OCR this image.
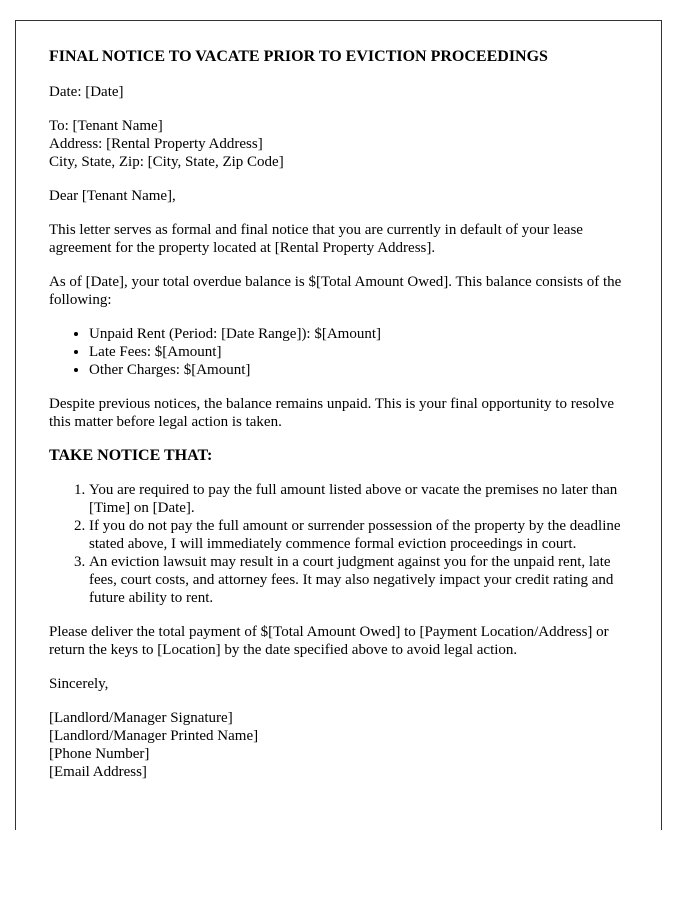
FINAL NOTICE TO VACATE PRIOR TO EVICTION PROCEEDINGS

Date: [Date]

To: [Tenant Name]
Address: [Rental Property Address]
City, State, Zip: [City, State, Zip Code]

Dear [Tenant Name],

This letter serves as formal and final notice that you are currently in default of your lease agreement for the property located at [Rental Property Address].

As of [Date], your total overdue balance is $[Total Amount Owed]. This balance consists of the following:

• Unpaid Rent (Period: [Date Range]): $[Amount]
• Late Fees: $[Amount]
• Other Charges: $[Amount]

Despite previous notices, the balance remains unpaid. This is your final opportunity to resolve this matter before legal action is taken.

TAKE NOTICE THAT:
1. You are required to pay the full amount listed above or vacate the premises no later than [Time] on [Date].
2. If you do not pay the full amount or surrender possession of the property by the deadline stated above, I will immediately commence formal eviction proceedings in court.
3. An eviction lawsuit may result in a court judgment against you for the unpaid rent, late fees, court costs, and attorney fees. It may also negatively impact your credit rating and future ability to rent.

Please deliver the total payment of $[Total Amount Owed] to [Payment Location/Address] or return the keys to [Location] by the date specified above to avoid legal action.

Sincerely,

[Landlord/Manager Signature]
[Landlord/Manager Printed Name]
[Phone Number]
[Email Address]
